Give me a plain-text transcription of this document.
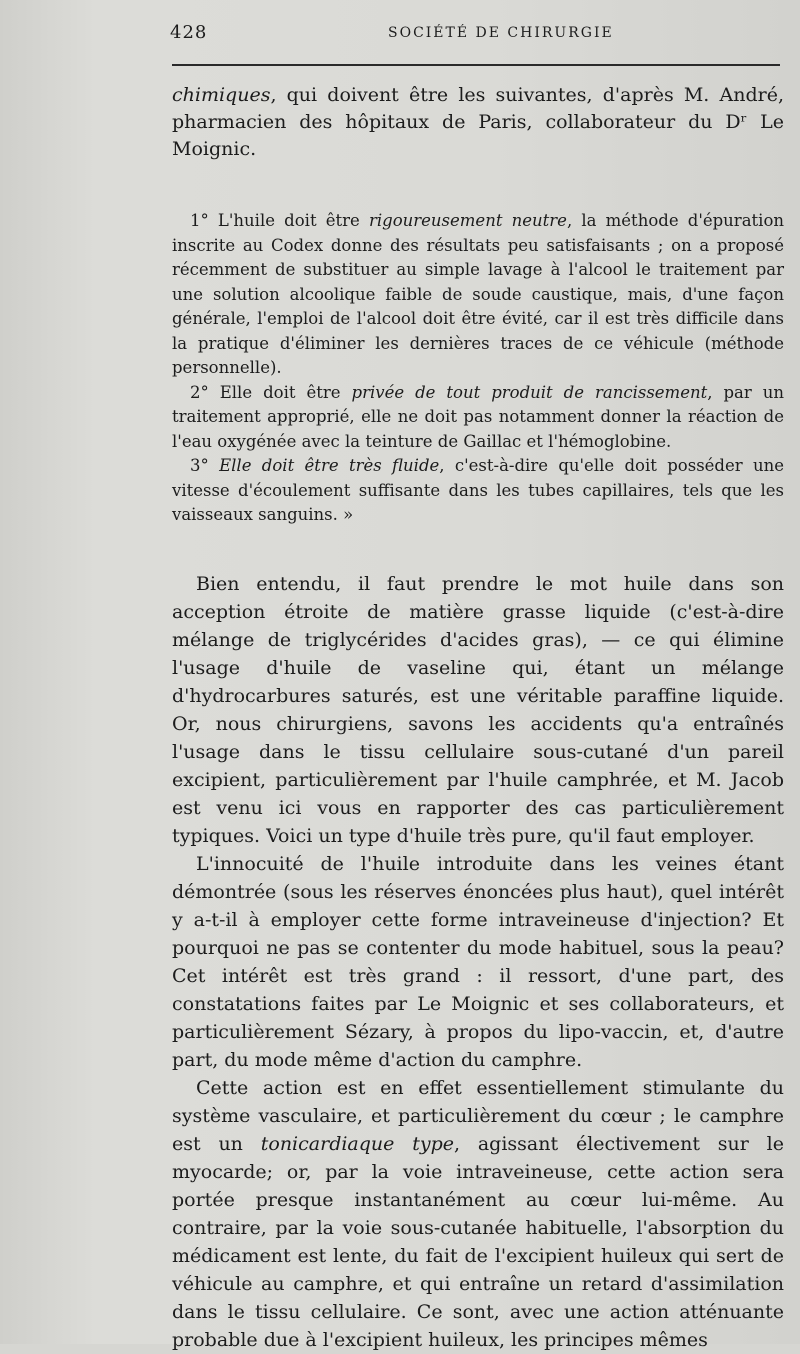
428	SOCIÉTÉ DE CHIRURGIE

chimiques, qui doivent être les suivantes, d'après M. André, pharmacien des hôpitaux de Paris, collaborateur du Dʳ Le Moignic.

1° L'huile doit être rigoureusement neutre, la méthode d'épuration inscrite au Codex donne des résultats peu satisfaisants ; on a proposé récemment de substituer au simple lavage à l'alcool le traitement par une solution alcoolique faible de soude caustique, mais, d'une façon générale, l'emploi de l'alcool doit être évité, car il est très difficile dans la pratique d'éliminer les dernières traces de ce véhicule (méthode personnelle).

2° Elle doit être privée de tout produit de rancissement, par un traitement approprié, elle ne doit pas notamment donner la réaction de l'eau oxygénée avec la teinture de Gaillac et l'hémoglobine.

3° Elle doit être très fluide, c'est-à-dire qu'elle doit posséder une vitesse d'écoulement suffisante dans les tubes capillaires, tels que les vaisseaux sanguins. »

Bien entendu, il faut prendre le mot huile dans son acception étroite de matière grasse liquide (c'est-à-dire mélange de triglycérides d'acides gras), — ce qui élimine l'usage d'huile de vaseline qui, étant un mélange d'hydrocarbures saturés, est une véritable paraffine liquide. Or, nous chirurgiens, savons les accidents qu'a entraînés l'usage dans le tissu cellulaire sous-cutané d'un pareil excipient, particulièrement par l'huile camphrée, et M. Jacob est venu ici vous en rapporter des cas particulièrement typiques. Voici un type d'huile très pure, qu'il faut employer.

L'innocuité de l'huile introduite dans les veines étant démontrée (sous les réserves énoncées plus haut), quel intérêt y a-t-il à employer cette forme intraveineuse d'injection? Et pourquoi ne pas se contenter du mode habituel, sous la peau? Cet intérêt est très grand : il ressort, d'une part, des constatations faites par Le Moignic et ses collaborateurs, et particulièrement Sézary, à propos du lipo-vaccin, et, d'autre part, du mode même d'action du camphre.

Cette action est en effet essentiellement stimulante du système vasculaire, et particulièrement du cœur ; le camphre est un tonicardiaque type, agissant électivement sur le myocarde; or, par la voie intraveineuse, cette action sera portée presque instantanément au cœur lui-même. Au contraire, par la voie sous-cutanée habituelle, l'absorption du médicament est lente, du fait de l'excipient huileux qui sert de véhicule au camphre, et qui entraîne un retard d'assimilation dans le tissu cellulaire. Ce sont, avec une action atténuante probable due à l'excipient huileux, les principes mêmes
